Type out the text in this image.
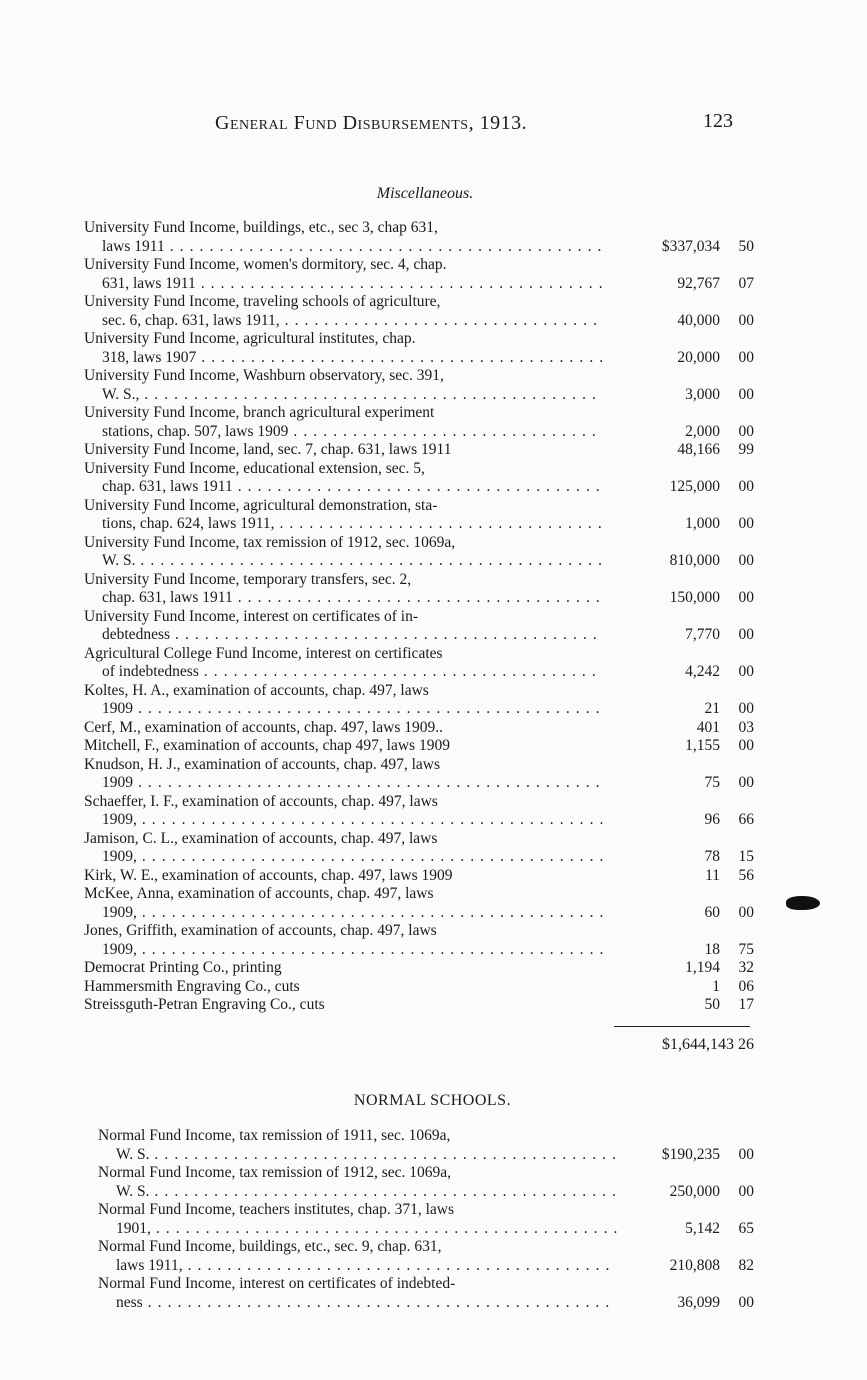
General Fund Disbursements, 1913.	123
Miscellaneous.
University Fund Income, buildings, etc., sec 3, chap 631,
laws 1911 . . . . . . . . . . . . . . . . . . . . . . . . . . . . . . . . . . . . . . . . . . . .	$337,034 50
University Fund Income, women's dormitory, sec. 4, chap.
631, laws 1911 . . . . . . . . . . . . . . . . . . . . . . . . . . . . . . . . . . . . . . . . .	92,767 07
University Fund Income, traveling schools of agriculture,
sec. 6, chap. 631, laws 1911, . . . . . . . . . . . . . . . . . . . . . . . . . . . . . . . .	40,000 00
University Fund Income, agricultural institutes, chap.
318, laws 1907 . . . . . . . . . . . . . . . . . . . . . . . . . . . . . . . . . . . . . . . . .	20,000 00
University Fund Income, Washburn observatory, sec. 391,
W. S., . . . . . . . . . . . . . . . . . . . . . . . . . . . . . . . . . . . . . . . . . . . . . .	3,000 00
University Fund Income, branch agricultural experiment
stations, chap. 507, laws 1909 . . . . . . . . . . . . . . . . . . . . . . . . . . . . . . .	2,000 00
University Fund Income, land, sec. 7, chap. 631, laws 1911	48,166 99
University Fund Income, educational extension, sec. 5,
chap. 631, laws 1911 . . . . . . . . . . . . . . . . . . . . . . . . . . . . . . . . . . . . .	125,000 00
University Fund Income, agricultural demonstration, sta-
tions, chap. 624, laws 1911, . . . . . . . . . . . . . . . . . . . . . . . . . . . . . . . . .	1,000 00
University Fund Income, tax remission of 1912, sec. 1069a,
W. S. . . . . . . . . . . . . . . . . . . . . . . . . . . . . . . . . . . . . . . . . . . . . . . .	810,000 00
University Fund Income, temporary transfers, sec. 2,
chap. 631, laws 1911 . . . . . . . . . . . . . . . . . . . . . . . . . . . . . . . . . . . . .	150,000 00
University Fund Income, interest on certificates of in-
debtedness . . . . . . . . . . . . . . . . . . . . . . . . . . . . . . . . . . . . . . . . . . .	7,770 00
Agricultural College Fund Income, interest on certificates
of indebtedness . . . . . . . . . . . . . . . . . . . . . . . . . . . . . . . . . . . . . . . .	4,242 00
Koltes, H. A., examination of accounts, chap. 497, laws
1909 . . . . . . . . . . . . . . . . . . . . . . . . . . . . . . . . . . . . . . . . . . . . . . .	21 00
Cerf, M., examination of accounts, chap. 497, laws 1909..	401 03
Mitchell, F., examination of accounts, chap 497, laws 1909	1,155 00
Knudson, H. J., examination of accounts, chap. 497, laws
1909 . . . . . . . . . . . . . . . . . . . . . . . . . . . . . . . . . . . . . . . . . . . . . . .	75 00
Schaeffer, I. F., examination of accounts, chap. 497, laws
1909, . . . . . . . . . . . . . . . . . . . . . . . . . . . . . . . . . . . . . . . . . . . . . . .	96 66
Jamison, C. L., examination of accounts, chap. 497, laws
1909, . . . . . . . . . . . . . . . . . . . . . . . . . . . . . . . . . . . . . . . . . . . . . . .	78 15
Kirk, W. E., examination of accounts, chap. 497, laws 1909	11 56
McKee, Anna, examination of accounts, chap. 497, laws
1909, . . . . . . . . . . . . . . . . . . . . . . . . . . . . . . . . . . . . . . . . . . . . . . .	60 00
Jones, Griffith, examination of accounts, chap. 497, laws
1909, . . . . . . . . . . . . . . . . . . . . . . . . . . . . . . . . . . . . . . . . . . . . . . .	18 75
Democrat Printing Co., printing	1,194 32
Hammersmith Engraving Co., cuts	1 06
Streissguth-Petran Engraving Co., cuts	50 17
$1,644,143 26
NORMAL SCHOOLS.
Normal Fund Income, tax remission of 1911, sec. 1069a,
W. S. . . . . . . . . . . . . . . . . . . . . . . . . . . . . . . . . . . . . . . . . . . . . . . .	$190,235 00
Normal Fund Income, tax remission of 1912, sec. 1069a,
W. S. . . . . . . . . . . . . . . . . . . . . . . . . . . . . . . . . . . . . . . . . . . . . . . .	250,000 00
Normal Fund Income, teachers institutes, chap. 371, laws
1901, . . . . . . . . . . . . . . . . . . . . . . . . . . . . . . . . . . . . . . . . . . . . . . .	5,142 65
Normal Fund Income, buildings, etc., sec. 9, chap. 631,
laws 1911, . . . . . . . . . . . . . . . . . . . . . . . . . . . . . . . . . . . . . . . . . . .	210,808 82
Normal Fund Income, interest on certificates of indebted-
ness . . . . . . . . . . . . . . . . . . . . . . . . . . . . . . . . . . . . . . . . . . . . . . .	36,099 00
